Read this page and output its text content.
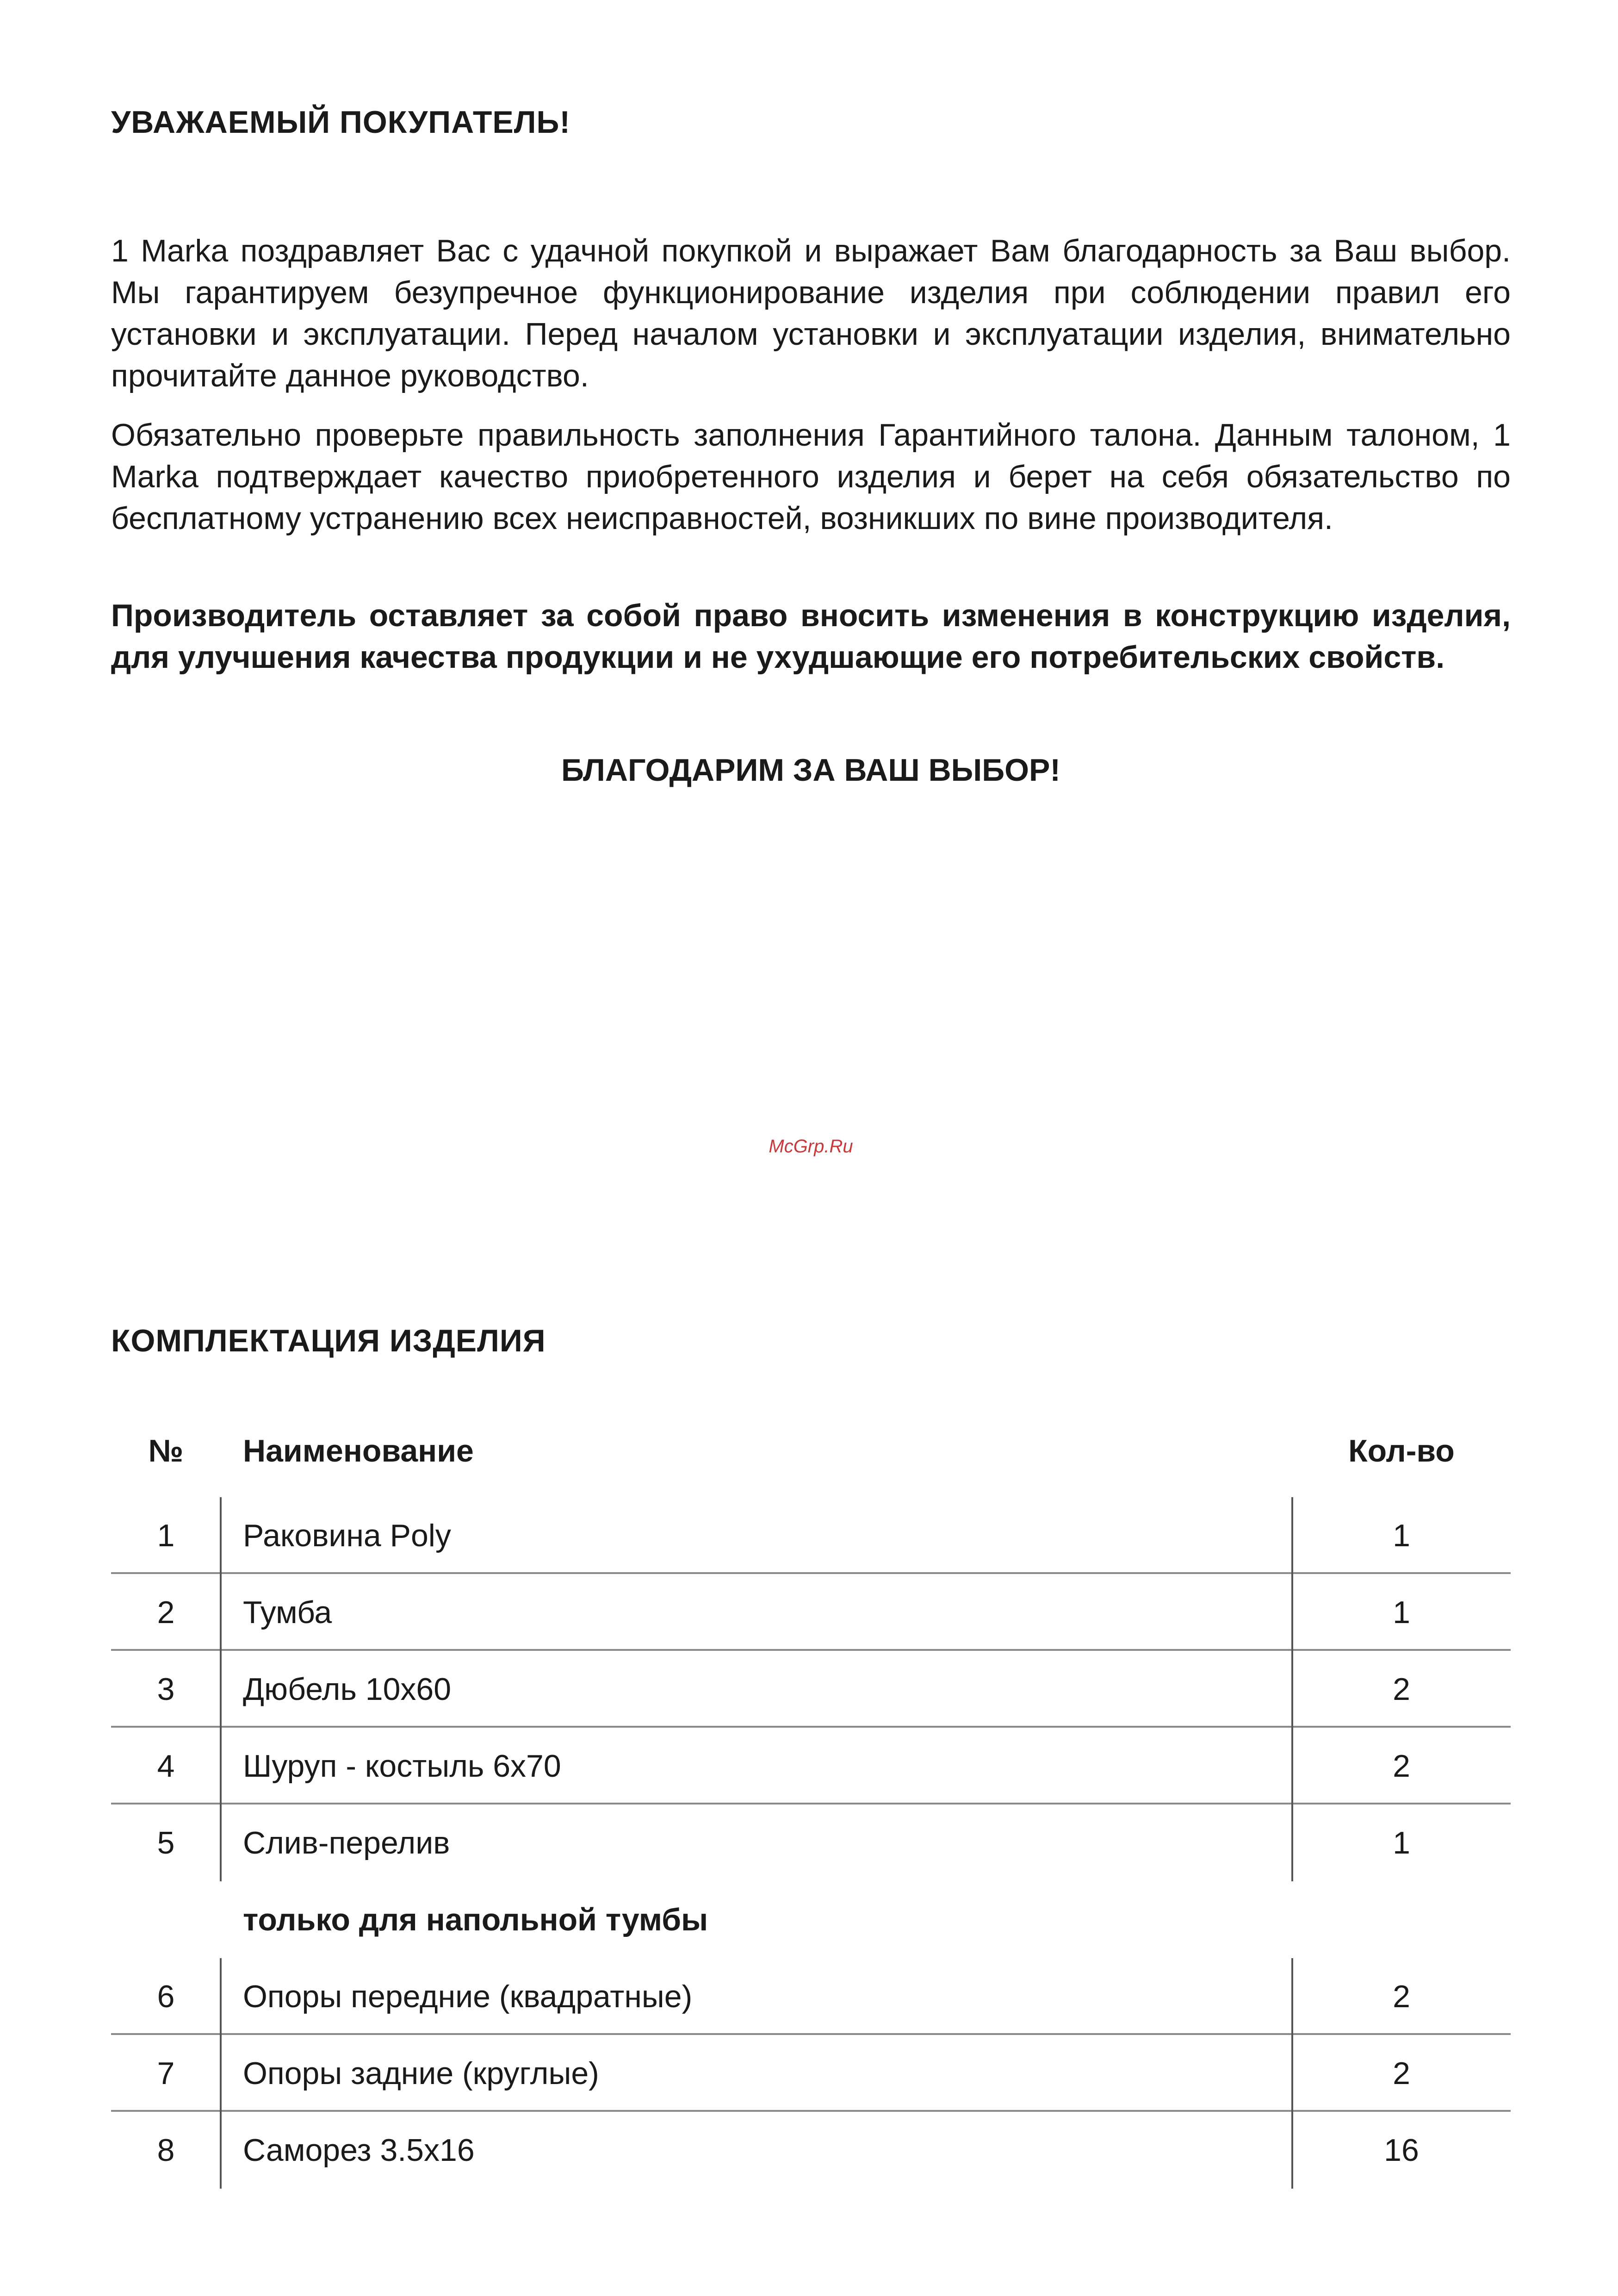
УВАЖАЕМЫЙ ПОКУПАТЕЛЬ!

1 Marka поздравляет Вас с удачной покупкой и выражает Вам благодарность за Ваш выбор. Мы гарантируем безупречное функционирование изделия при соблюдении правил его установки и эксплуатации. Перед началом установки и эксплуатации изделия, внимательно прочитайте данное руководство.

Обязательно проверьте правильность заполнения Гарантийного талона. Данным талоном, 1 Marka подтверждает качество приобретенного изделия и берет на себя обязательство по бесплатному устранению всех неисправностей, возникших по вине производителя.

Производитель оставляет за собой право вносить изменения в конструкцию изделия, для улучшения качества продукции и не ухудшающие его потребительских свойств.

БЛАГОДАРИМ ЗА ВАШ ВЫБОР!
McGrp.Ru
КОМПЛЕКТАЦИЯ ИЗДЕЛИЯ
№	Наименование	Кол-во
1	Раковина Poly	1
2	Тумба	1
3	Дюбель 10х60	2
4	Шуруп - костыль 6х70	2
5	Слив-перелив	1
только для напольной тумбы
6	Опоры передние (квадратные)	2
7	Опоры задние (круглые)	2
8	Саморез 3.5х16	16
